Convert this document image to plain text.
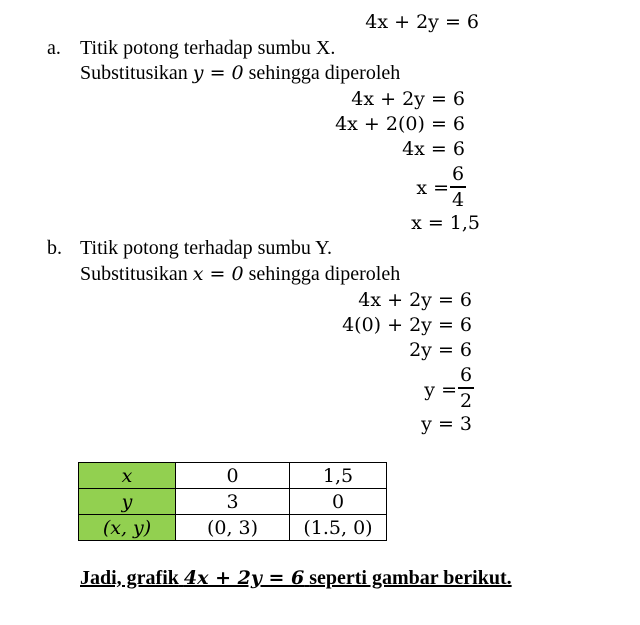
4x + 2y = 6
a. Titik potong terhadap sumbu X.
Substitusikan y = 0 sehingga diperoleh
4x + 2y = 6
4x + 2(0) = 6
4x = 6
x =
6
4
x = 1,5
b. Titik potong terhadap sumbu Y.
Substitusikan x = 0 sehingga diperoleh
4x + 2y = 6
4(0) + 2y = 6
2y = 6
y =
6
2
y = 3
x	0	1,5
y	3	0
(x, y)	(0, 3)	(1.5, 0)
Jadi, grafik 4x + 2y = 6 seperti gambar berikut.
